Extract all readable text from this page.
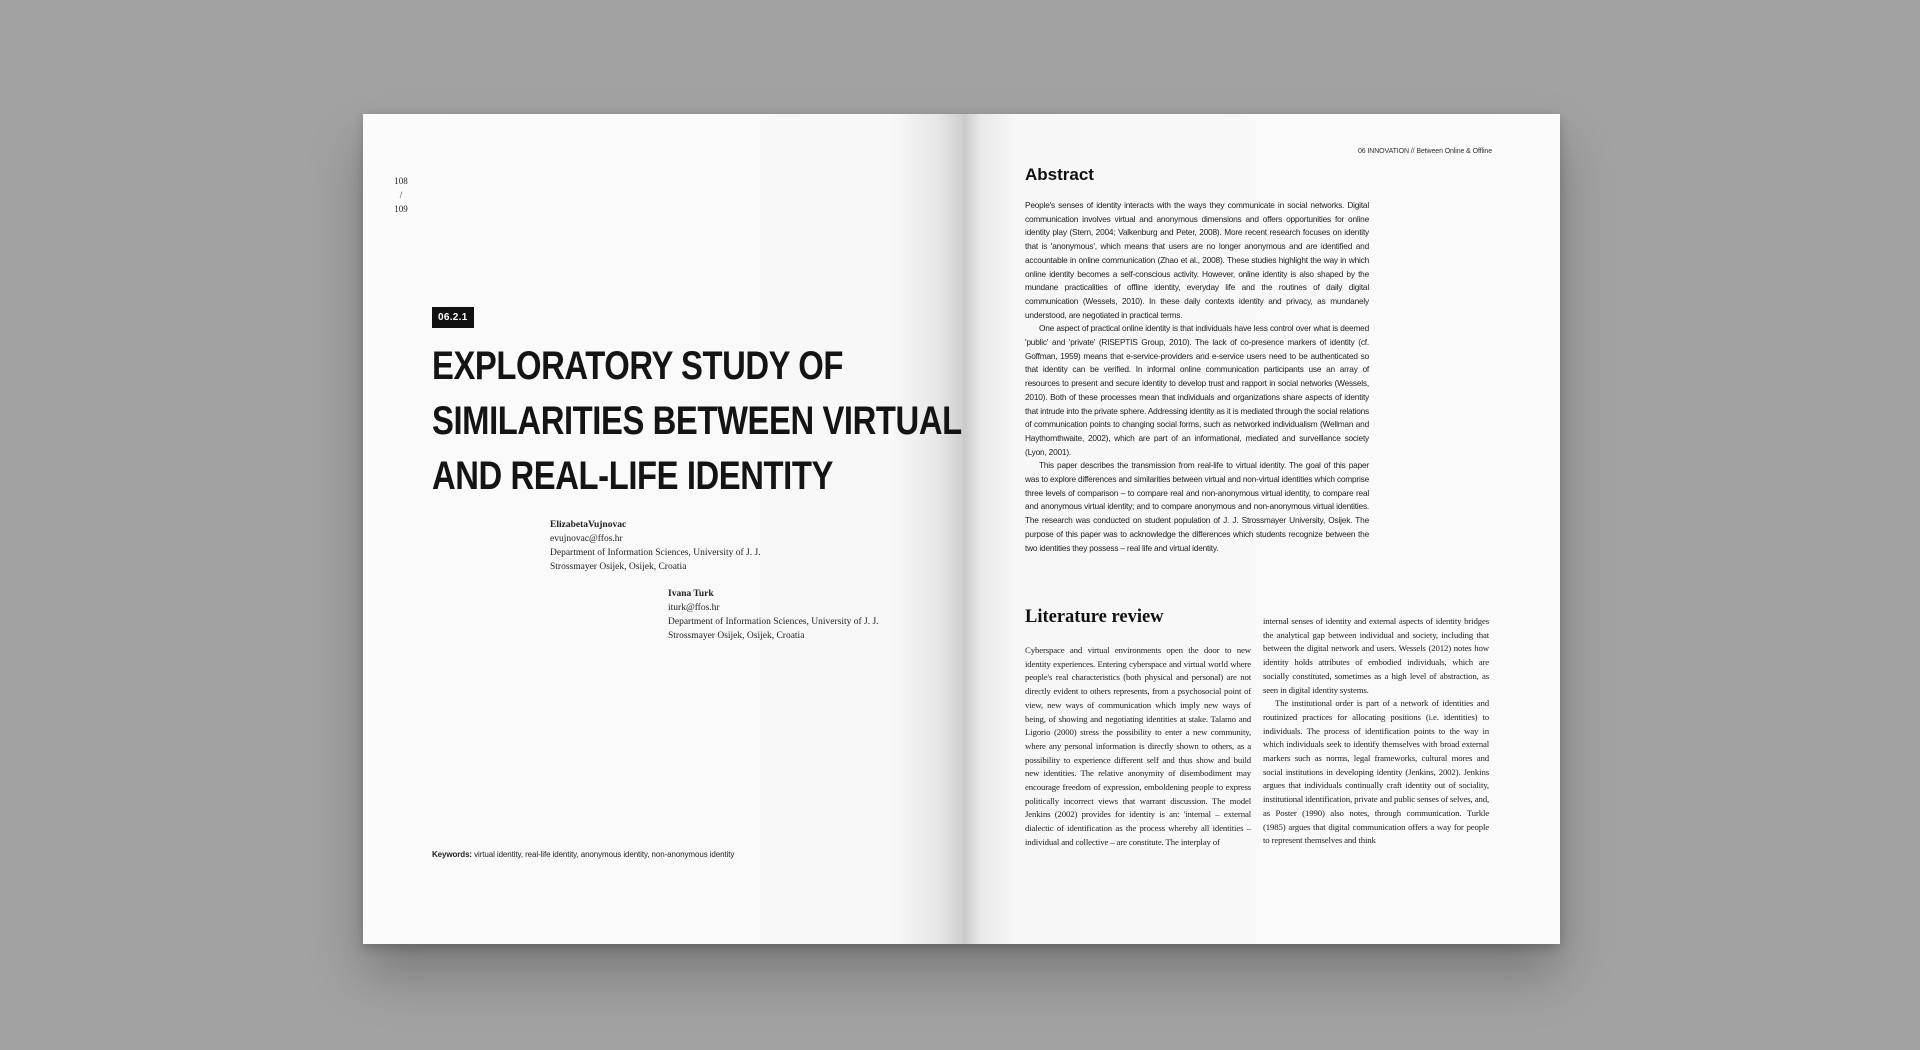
108
/
109
06.2.1
EXPLORATORY STUDY OF
SIMILARITIES BETWEEN VIRTUAL
AND REAL-LIFE IDENTITY
ElizabetaVujnovac
evujnovac@ffos.hr
Department of Information Sciences, University of J. J.
Strossmayer Osijek, Osijek, Croatia
Ivana Turk
iturk@ffos.hr
Department of Information Sciences, University of J. J.
Strossmayer Osijek, Osijek, Croatia
Keywords: virtual identity, real-life identity, anonymous identity, non-anonymous identity
06 INNOVATION // Between Online & Offline
Abstract

People's senses of identity interacts with the ways they communicate in social networks. Digital communication involves virtual and anonymous dimensions and offers opportunities for online identity play (Stern, 2004; Valkenburg and Peter, 2008). More recent research focuses on identity that is 'anonymous', which means that users are no longer anonymous and are identified and accountable in online communication (Zhao et al., 2008). These studies highlight the way in which online identity becomes a self-conscious activity. However, online identity is also shaped by the mundane practicalities of offline identity, everyday life and the routines of daily digital communication (Wessels, 2010). In these daily contexts identity and privacy, as mundanely understood, are negotiated in practical terms.

One aspect of practical online identity is that individuals have less control over what is deemed 'public' and 'private' (RISEPTIS Group, 2010). The lack of co-presence markers of identity (cf. Goffman, 1959) means that e-service-providers and e-service users need to be authenticated so that identity can be verified. In informal online communication participants use an array of resources to present and secure identity to develop trust and rapport in social networks (Wessels, 2010). Both of these processes mean that individuals and organizations share aspects of identity that intrude into the private sphere. Addressing identity as it is mediated through the social relations of communication points to changing social forms, such as networked individualism (Wellman and Haythornthwaite, 2002), which are part of an informational, mediated and surveillance society (Lyon, 2001).

This paper describes the transmission from real-life to virtual identity. The goal of this paper was to explore differences and similarities between virtual and non-virtual identities which comprise three levels of comparison – to compare real and non-anonymous virtual identity, to compare real and anonymous virtual identity; and to compare anonymous and non-anonymous virtual identities. The research was conducted on student population of J. J. Strossmayer University, Osijek. The purpose of this paper was to acknowledge the differences which students recognize between the two identities they possess – real life and virtual identity.

Literature review

Cyberspace and virtual environments open the door to new identity experiences. Entering cyberspace and virtual world where people's real characteristics (both physical and personal) are not directly evident to others represents, from a psychosocial point of view, new ways of communication which imply new ways of being, of showing and negotiating identities at stake. Talamo and Ligorio (2000) stress the possibility to enter a new community, where any personal information is directly shown to others, as a possibility to experience different self and thus show and build new identities. The relative anonymity of disembodiment may encourage freedom of expression, emboldening people to express politically incorrect views that warrant discussion. The model Jenkins (2002) provides for identity is an: 'internal – external dialectic of identification as the process whereby all identities – individual and collective – are constitute. The interplay of

internal senses of identity and external aspects of identity bridges the analytical gap between individual and society, including that between the digital network and users. Wessels (2012) notes how identity holds attributes of embodied individuals, which are socially constituted, sometimes as a high level of abstraction, as seen in digital identity systems.

The institutional order is part of a network of identities and routinized practices for allocating positions (i.e. identities) to individuals. The process of identification points to the way in which individuals seek to identify themselves with broad external markers such as norms, legal frameworks, cultural mores and social institutions in developing identity (Jenkins, 2002). Jenkins argues that individuals continually craft identity out of sociality, institutional identification, private and public senses of selves, and, as Poster (1990) also notes, through communication. Turkle (1985) argues that digital communication offers a way for people to represent themselves and think
